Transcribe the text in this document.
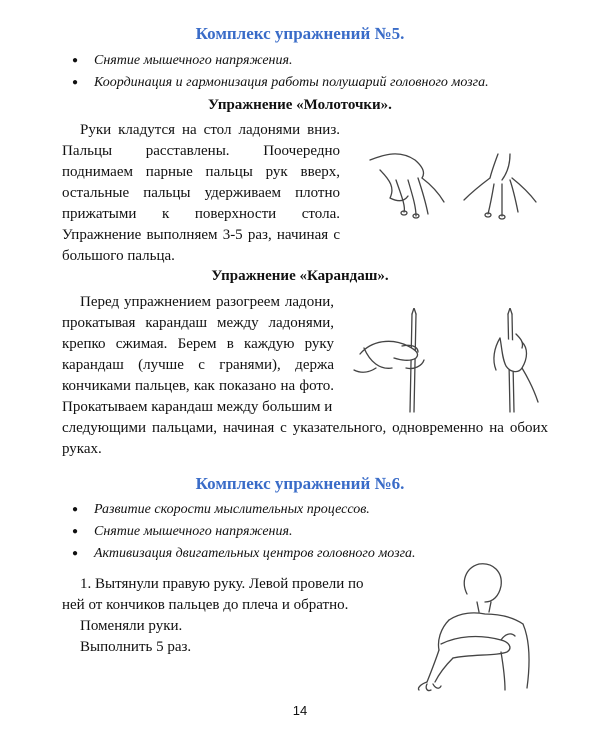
Комплекс упражнений №5.
● Снятие мышечного напряжения.
● Координация и гармонизация работы полушарий головного мозга.
Упражнение «Молоточки».

Руки кладутся на стол ладонями вниз. Пальцы расставлены. Поочередно поднимаем парные пальцы рук вверх, остальные пальцы удерживаем плотно прижатыми к поверхности стола. Упражнение выполняем 3-5 раз, начиная с большого пальца.

Упражнение «Карандаш».

Перед упражнением разогреем ладони, прокатывая карандаш между ладонями, крепко сжимая. Берем в каждую руку карандаш (лучше с гранями), держа кончиками пальцев, как показано на фото. Прокатываем карандаш между большим и

следующими пальцами, начиная с указательного, одновременно на обоих руках.

Комплекс упражнений №6.
● Развитие скорости мыслительных процессов.
● Снятие мышечного напряжения.
● Активизация двигательных центров головного мозга.

1. Вытянули правую руку. Левой провели по

ней от кончиков пальцев до плеча и обратно.

Поменяли руки.

Выполнить 5 раз.

14
